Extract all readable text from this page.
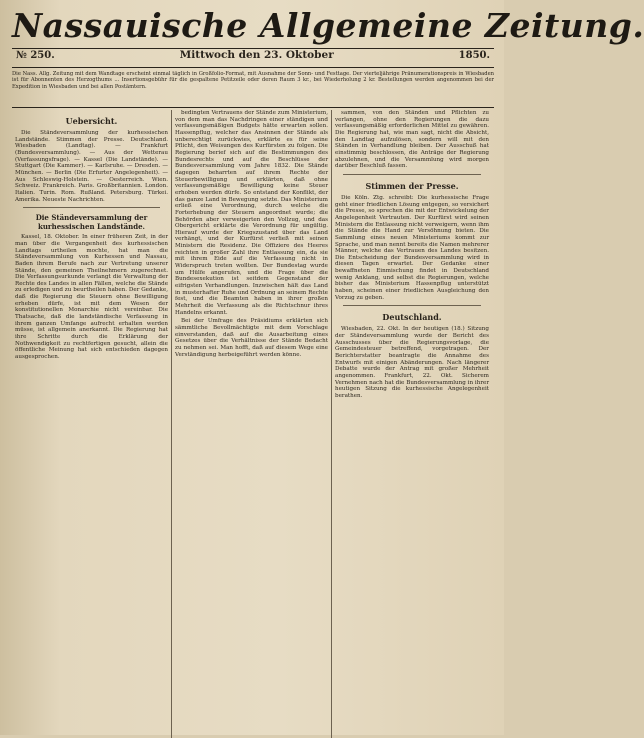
Nassauische Allgemeine Zeitung.
№ 250.	Mittwoch den 23. Oktober	1850.
Die Nass. Allg. Zeitung mit dem Wandtage erscheint einmal täglich in Großfolio-Format, mit Ausnahme der Sonn- und Festtage. Der vierteljährige Pränumerationspreis in Wiesbaden ist für Abonnenten des Herzogthums ... Insertionsgebühr für die gespaltene Petitzeile oder deren Raum 3 kr., bei Wiederholung 2 kr. Bestellungen werden angenommen bei der Expedition in Wiesbaden und bei allen Postämtern.
Uebersicht.

Die Ständeversammlung der kurhessischen Landstände. Stimmen der Presse. Deutschland. Wiesbaden (Landtag). — Frankfurt (Bundesversammlung). — Aus der Wetterau (Verfassungsfrage). — Kassel (Die Landstände). — Stuttgart (Die Kammer). — Karlsruhe. — Dresden. — München. — Berlin (Die Erfurter Angelegenheit). — Aus Schleswig-Holstein. — Oesterreich. Wien. Schweiz. Frankreich. Paris. Großbritannien. London. Italien. Turin. Rom. Rußland. Petersburg. Türkei. Amerika. Neueste Nachrichten.

Die Ständeversammlung der kurhessischen Landstände.

Kassel, 18. Oktober. In einer früheren Zeit, in der man über die Vergangenheit des kurhessischen Landtags urtheilen mochte, hat man die Ständeversammlung von Kurhessen und Nassau, Baden ihrem Berufe nach zur Vertretung unserer Stände, den gemeinen Theilnehmern zugerechnet. Die Verfassungsurkunde verlangt die Verwaltung der Rechte des Landes in allen Fällen, welche die Stände zu erledigen und zu beurtheilen haben. Der Gedanke, daß die Regierung die Steuern ohne Bewilligung erheben dürfe, ist mit dem Wesen der konstitutionellen Monarchie nicht vereinbar. Die Thatsache, daß die landständische Verfassung in ihrem ganzen Umfange aufrecht erhalten werden müsse, ist allgemein anerkannt. Die Regierung hat ihre Schritte durch die Erklärung der Nothwendigkeit zu rechtfertigen gesucht, allein die öffentliche Meinung hat sich entschieden dagegen ausgesprochen.

bedingten Vertrauens der Stände zum Ministerium, von dem man das Nachdringen einer ständigen und verfassungsmäßigen Budgets hätte erwarten sollen. Hassenpflug, welcher das Ansinnen der Stände als unberechtigt zurückwies, erklärte es für seine Pflicht, den Weisungen des Kurfürsten zu folgen. Die Regierung berief sich auf die Bestimmungen des Bundesrechts und auf die Beschlüsse der Bundesversammlung vom Jahre 1832. Die Stände dagegen beharrten auf ihrem Rechte der Steuerbewilligung und erklärten, daß ohne verfassungsmäßige Bewilligung keine Steuer erhoben werden dürfe. So entstand der Konflikt, der das ganze Land in Bewegung setzte. Das Ministerium erließ eine Verordnung, durch welche die Forterhebung der Steuern angeordnet wurde; die Behörden aber verweigerten den Vollzug, und das Obergericht erklärte die Verordnung für ungültig. Hierauf wurde der Kriegszustand über das Land verhängt, und der Kurfürst verließ mit seinen Ministern die Residenz. Die Offiziere des Heeres reichten in großer Zahl ihre Entlassung ein, da sie mit ihrem Eide auf die Verfassung nicht in Widerspruch treten wollten. Der Bundestag wurde um Hülfe angerufen, und die Frage über die Bundesexekution ist seitdem Gegenstand der eifrigsten Verhandlungen. Inzwischen hält das Land in musterhafter Ruhe und Ordnung an seinem Rechte fest, und die Beamten haben in ihrer großen Mehrheit die Verfassung als die Richtschnur ihres Handelns erkannt.

Bei der Umfrage des Präsidiums erklärten sich sämmtliche Bevollmächtigte mit dem Vorschlage einverstanden, daß auf die Ausarbeitung eines Gesetzes über die Verhältnisse der Stände Bedacht zu nehmen sei. Man hofft, daß auf diesem Wege eine Verständigung herbeigeführt werden könne.

sammen, von den Ständen und Pflichten zu verlangen, ohne den Regierungen die dazu verfassungsmäßig erforderlichen Mittel zu gewähren. Die Regierung hat, wie man sagt, nicht die Absicht, den Landtag aufzulösen, sondern will mit den Ständen in Verhandlung bleiben. Der Ausschuß hat einstimmig beschlossen, die Anträge der Regierung abzulehnen, und die Versammlung wird morgen darüber Beschluß fassen.

Stimmen der Presse.

Die Köln. Ztg. schreibt: Die kurhessische Frage geht einer friedlichen Lösung entgegen, so versichert die Presse, so sprechen die mit der Entwickelung der Angelegenheit Vertrauten. Der Kurfürst wird seinen Ministern die Entlassung nicht verweigern, wenn ihm die Stände die Hand zur Versöhnung bieten. Die Sammlung eines neuen Ministeriums kommt zur Sprache, und man nennt bereits die Namen mehrerer Männer, welche das Vertrauen des Landes besitzen. Die Entscheidung der Bundesversammlung wird in diesen Tagen erwartet. Der Gedanke einer bewaffneten Einmischung findet in Deutschland wenig Anklang, und selbst die Regierungen, welche bisher das Ministerium Hassenpflug unterstützt haben, scheinen einer friedlichen Ausgleichung den Vorzug zu geben.

Deutschland.

Wiesbaden, 22. Okt. In der heutigen (18.) Sitzung der Ständeversammlung wurde der Bericht des Ausschusses über die Regierungsvorlage, die Gemeindesteuer betreffend, vorgetragen. Der Berichterstatter beantragte die Annahme des Entwurfs mit einigen Abänderungen. Nach längerer Debatte wurde der Antrag mit großer Mehrheit angenommen. Frankfurt, 22. Okt. Sicherem Vernehmen nach hat die Bundesversammlung in ihrer heutigen Sitzung die kurhessische Angelegenheit berathen.
